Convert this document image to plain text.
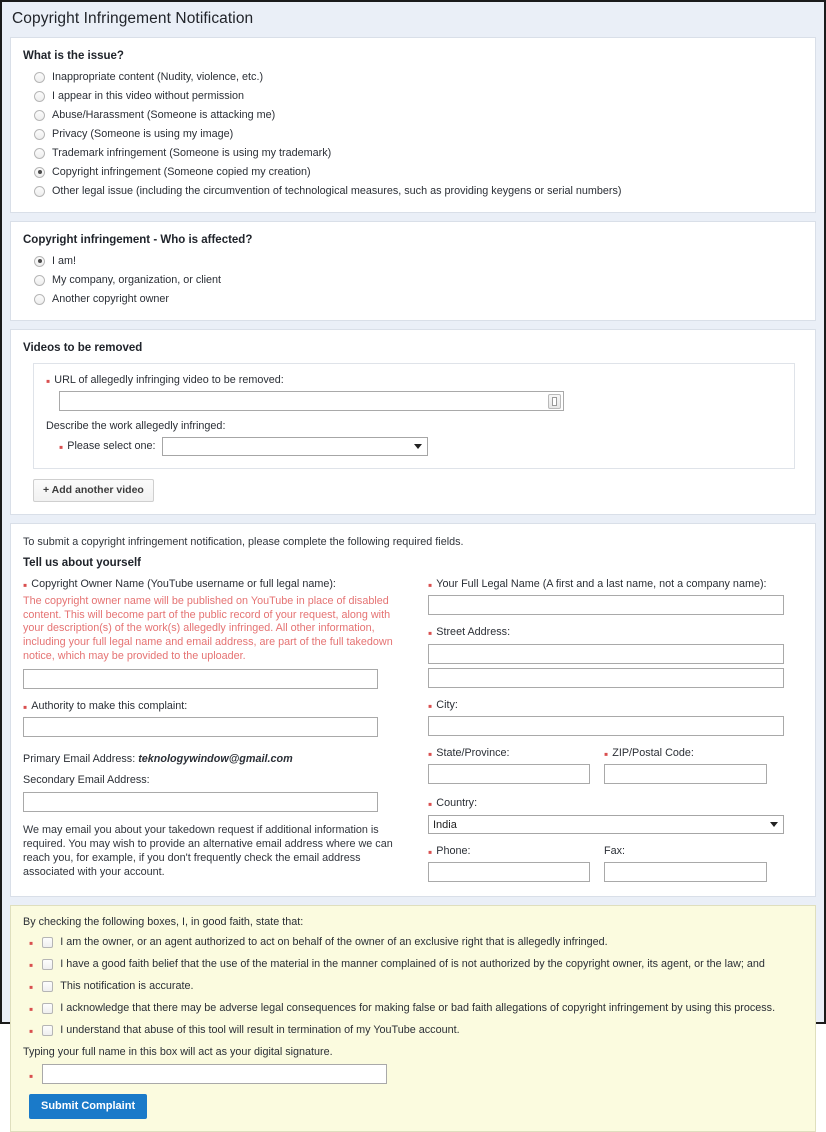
Copyright Infringement Notification
What is the issue?
Inappropriate content (Nudity, violence, etc.)
I appear in this video without permission
Abuse/Harassment (Someone is attacking me)
Privacy (Someone is using my image)
Trademark infringement (Someone is using my trademark)
Copyright infringement (Someone copied my creation)
Other legal issue (including the circumvention of technological measures, such as providing keygens or serial numbers)
Copyright infringement - Who is affected?
I am!
My company, organization, or client
Another copyright owner
Videos to be removed
▪ URL of allegedly infringing video to be removed:
Describe the work allegedly infringed:
▪ Please select one:
+ Add another video
To submit a copyright infringement notification, please complete the following required fields.
Tell us about yourself
▪ Copyright Owner Name (YouTube username or full legal name):
The copyright owner name will be published on YouTube in place of disabled content. This will become part of the public record of your request, along with your description(s) of the work(s) allegedly infringed. All other information, including your full legal name and email address, are part of the full takedown notice, which may be provided to the uploader.
▪ Authority to make this complaint:
Primary Email Address: teknologywindow@gmail.com
Secondary Email Address:
We may email you about your takedown request if additional information is required. You may wish to provide an alternative email address where we can reach you, for example, if you don't frequently check the email address associated with your account.
▪ Your Full Legal Name (A first and a last name, not a company name):
▪ Street Address:
▪ City:
▪ State/Province:	▪ ZIP/Postal Code:
▪ Country:
India
▪ Phone:	Fax:
By checking the following boxes, I, in good faith, state that:
▪	I am the owner, or an agent authorized to act on behalf of the owner of an exclusive right that is allegedly infringed.
▪	I have a good faith belief that the use of the material in the manner complained of is not authorized by the copyright owner, its agent, or the law; and
▪	This notification is accurate.
▪	I acknowledge that there may be adverse legal consequences for making false or bad faith allegations of copyright infringement by using this process.
▪	I understand that abuse of this tool will result in termination of my YouTube account.
Typing your full name in this box will act as your digital signature.
▪
Submit Complaint
